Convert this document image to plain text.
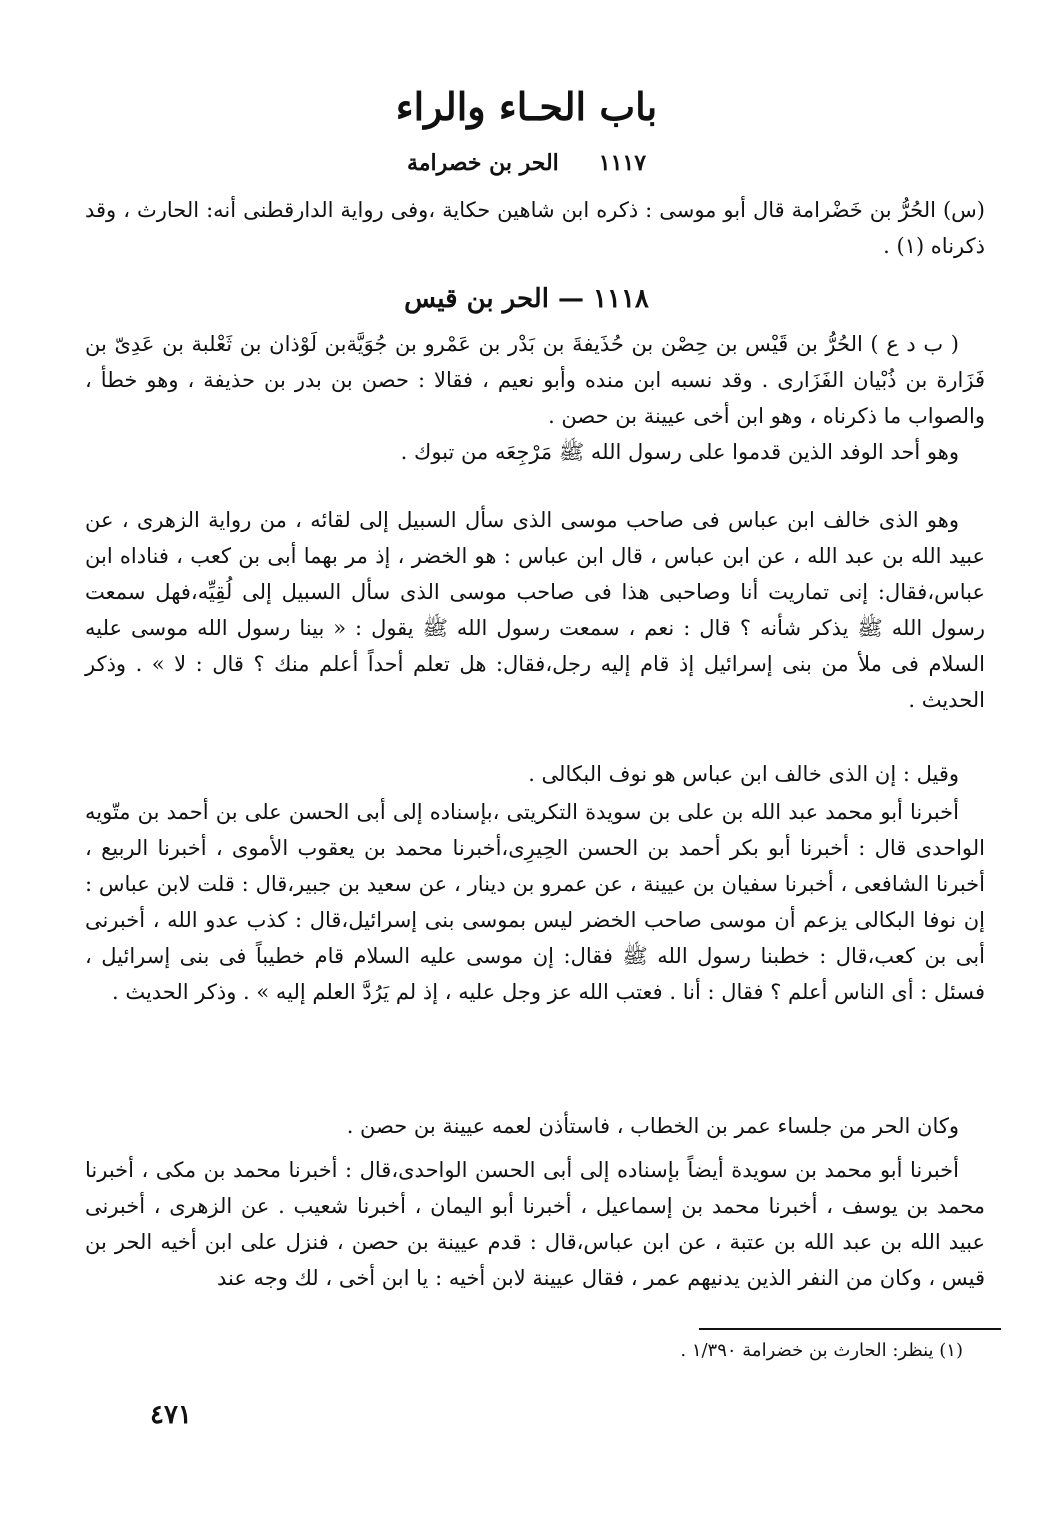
باب الحـاء والراء
١١١٧الحر بن خصرامة

(س) الحُرُّ بن خَضْرامة قال أبو موسى : ذكره ابن شاهين حكاية ،وفى رواية الدارقطنى أنه: الحارث ، وقد ذكرناه (١) .

١١١٨ — الحر بن قيس

( ب د ع ) الحُرُّ بن قَيْس بن حِصْن بن حُذَيفةَ بن بَدْر بن عَمْرو بن جُوَيَّةبن لَوْذان بن ثَعْلبة بن عَدِىّ بن فَزَارة بن ذُبْيان الفَزَارى . وقد نسبه ابن منده وأبو نعيم ، فقالا : حصن بن بدر بن حذيفة ، وهو خطأ ، والصواب ما ذكرناه ، وهو ابن أخى عيينة بن حصن .

وهو أحد الوفد الذين قدموا على رسول الله ﷺ مَرْجِعَه من تبوك .

وهو الذى خالف ابن عباس فى صاحب موسى الذى سأل السبيل إلى لقائه ، من رواية الزهرى ، عن عبيد الله بن عبد الله ، عن ابن عباس ، قال ابن عباس : هو الخضر ، إذ مر بهما أبى بن كعب ، فناداه ابن عباس،فقال: إنى تماريت أنا وصاحبى هذا فى صاحب موسى الذى سأل السبيل إلى لُقِيِّه،فهل سمعت رسول الله ﷺ يذكر شأنه ؟ قال : نعم ، سمعت رسول الله ﷺ يقول : « بينا رسول الله موسى عليه السلام فى ملأ من بنى إسرائيل إذ قام إليه رجل،فقال: هل تعلم أحداً أعلم منك ؟ قال : لا » . وذكر الحديث .

وقيل : إن الذى خالف ابن عباس هو نوف البكالى .

أخبرنا أبو محمد عبد الله بن على بن سويدة التكريتى ،بإسناده إلى أبى الحسن على بن أحمد بن متّويه الواحدى قال : أخبرنا أبو بكر أحمد بن الحسن الحِيرِى،أخبرنا محمد بن يعقوب الأموى ، أخبرنا الربيع ، أخبرنا الشافعى ، أخبرنا سفيان بن عيينة ، عن عمرو بن دينار ، عن سعيد بن جبير،قال : قلت لابن عباس : إن نوفا البكالى يزعم أن موسى صاحب الخضر ليس بموسى بنى إسرائيل،قال : كذب عدو الله ، أخبرنى أبى بن كعب،قال : خطبنا رسول الله ﷺ فقال: إن موسى عليه السلام قام خطيباً فى بنى إسرائيل ، فسئل : أى الناس أعلم ؟ فقال : أنا . فعتب الله عز وجل عليه ، إذ لم يَرُدَّ العلم إليه » . وذكر الحديث .

وكان الحر من جلساء عمر بن الخطاب ، فاستأذن لعمه عيينة بن حصن .

أخبرنا أبو محمد بن سويدة أيضاً بإسناده إلى أبى الحسن الواحدى،قال : أخبرنا محمد بن مكى ، أخبرنا محمد بن يوسف ، أخبرنا محمد بن إسماعيل ، أخبرنا أبو اليمان ، أخبرنا شعيب . عن الزهرى ، أخبرنى عبيد الله بن عبد الله بن عتبة ، عن ابن عباس،قال : قدم عيينة بن حصن ، فنزل على ابن أخيه الحر بن قيس ، وكان من النفر الذين يدنيهم عمر ، فقال عيينة لابن أخيه : يا ابن أخى ، لك وجه عند

(١) ينظر: الحارث بن خضرامة ١/٣٩٠ .
٤٧١
